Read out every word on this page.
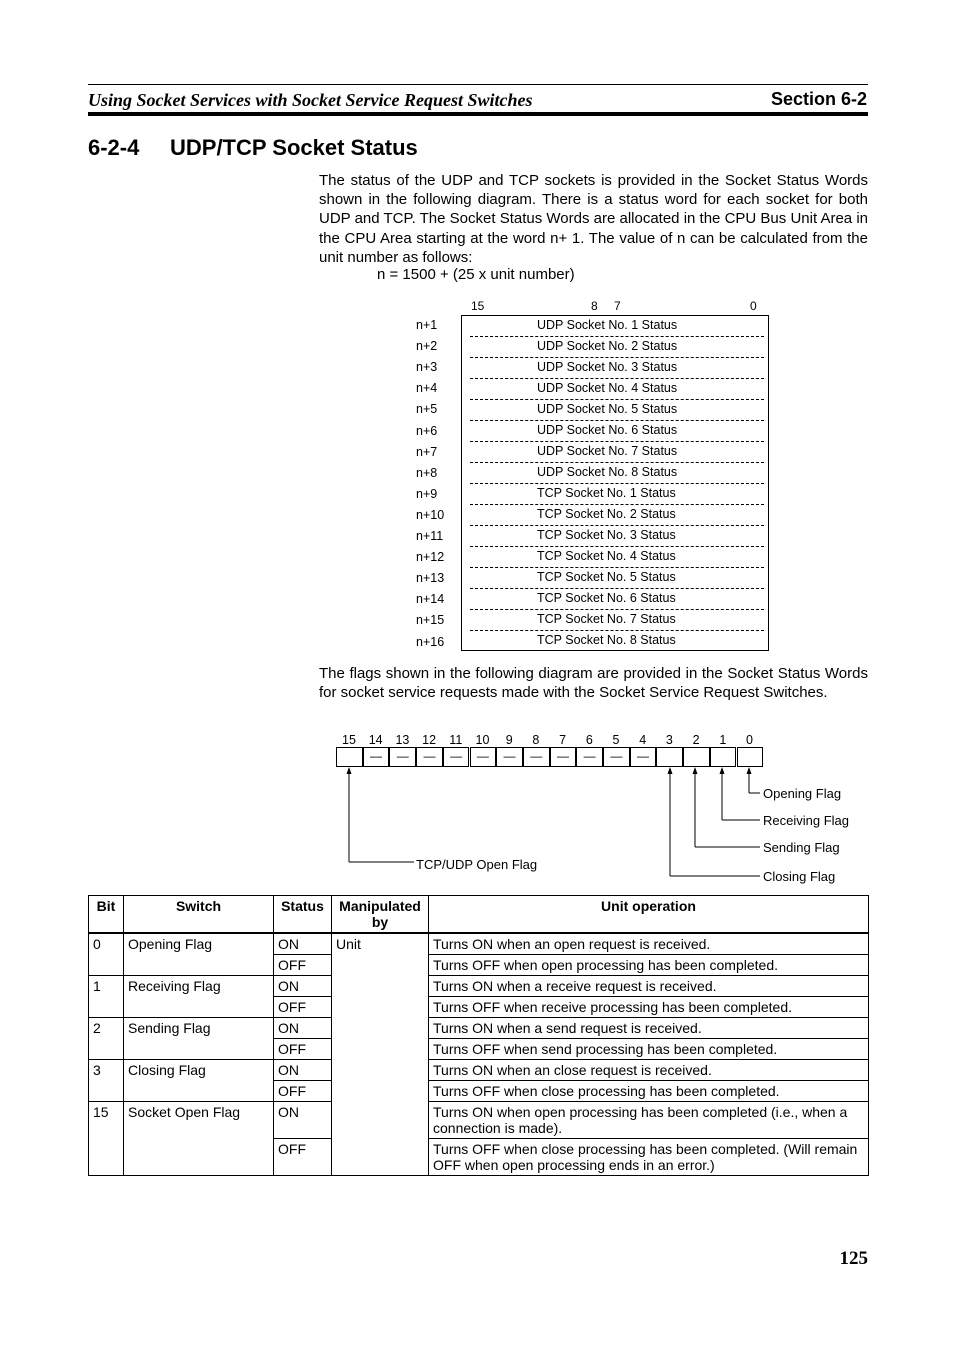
Using Socket Services with Socket Service Request Switches	Section 6-2
6-2-4 UDP/TCP Socket Status
The status of the UDP and TCP sockets is provided in the Socket Status Words shown in the following diagram. There is a status word for each socket for both UDP and TCP. The Socket Status Words are allocated in the CPU Bus Unit Area in the CPU Area starting at the word n+ 1. The value of n can be calculated from the unit number as follows:
n = 1500 + (25 x unit number)
15	8 7	0
n+1
n+2
n+3
n+4
n+5
n+6
n+7
n+8
n+9
n+10
n+11
n+12
n+13
n+14
n+15
n+16
UDP Socket No. 1 Status
UDP Socket No. 2 Status
UDP Socket No. 3 Status
UDP Socket No. 4 Status
UDP Socket No. 5 Status
UDP Socket No. 6 Status
UDP Socket No. 7 Status
UDP Socket No. 8 Status
TCP Socket No. 1 Status
TCP Socket No. 2 Status
TCP Socket No. 3 Status
TCP Socket No. 4 Status
TCP Socket No. 5 Status
TCP Socket No. 6 Status
TCP Socket No. 7 Status
TCP Socket No. 8 Status
The flags shown in the following diagram are provided in the Socket Status Words for socket service requests made with the Socket Service Request Switches.
15	14
—
13
—
12
—
11
—
10
—
9
—
8
—
7
—
6
—
5
—
4
—
3	2	1	0
Opening Flag
Receiving Flag
Sending Flag
Closing Flag
TCP/UDP Open Flag
Bit	Switch	Status	Manipulated by	Unit operation
0	Opening Flag	ON	Unit	Turns ON when an open request is received.
		OFF		Turns OFF when open processing has been completed.
1	Receiving Flag	ON		Turns ON when a receive request is received.
		OFF		Turns OFF when receive processing has been completed.
2	Sending Flag	ON		Turns ON when a send request is received.
		OFF		Turns OFF when send processing has been completed.
3	Closing Flag	ON		Turns ON when an close request is received.
		OFF		Turns OFF when close processing has been completed.
15	Socket Open Flag	ON		Turns ON when open processing has been completed (i.e., when a connection is made).
		OFF		Turns OFF when close processing has been completed. (Will remain OFF when open processing ends in an error.)
125
